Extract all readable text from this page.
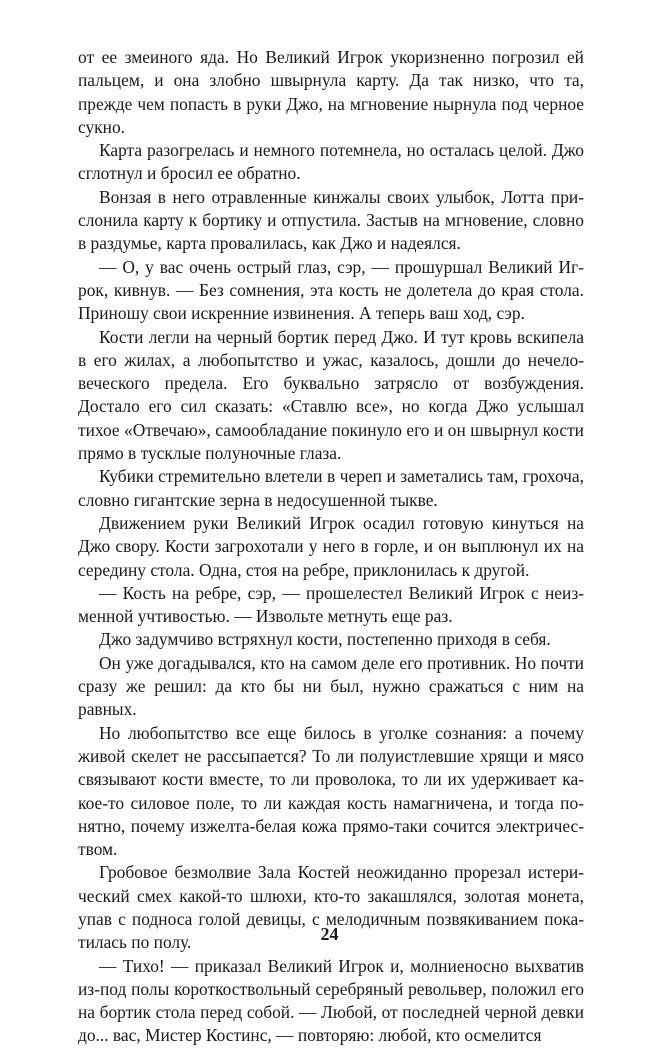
от ее змеиного яда. Но Великий Игрок укоризненно погрозил ей пальцем, и она злобно швырнула карту. Да так низко, что та, прежде чем попасть в руки Джо, на мгновение нырнула под черное сукно.

Карта разогрелась и немного потемнела, но осталась целой. Джо сглотнул и бросил ее обратно.

Вонзая в него отравленные кинжалы своих улыбок, Лотта прислонила карту к бортику и отпустила. Застыв на мгновение, словно в раздумье, карта провалилась, как Джо и надеялся.

— О, у вас очень острый глаз, сэр, — прошуршал Великий Игрок, кивнув. — Без сомнения, эта кость не долетела до края стола. Приношу свои искренние извинения. А теперь ваш ход, сэр.

Кости легли на черный бортик перед Джо. И тут кровь вскипела в его жилах, а любопытство и ужас, казалось, дошли до нечеловеческого предела. Его буквально затрясло от возбуждения. Достало его сил сказать: «Ставлю все», но когда Джо услышал тихое «Отвечаю», самообладание покинуло его и он швырнул кости прямо в тусклые полуночные глаза.

Кубики стремительно влетели в череп и заметались там, грохоча, словно гигантские зерна в недосушенной тыкве.

Движением руки Великий Игрок осадил готовую кинуться на Джо свору. Кости загрохотали у него в горле, и он выплюнул их на середину стола. Одна, стоя на ребре, приклонилась к другой.

— Кость на ребре, сэр, — прошелестел Великий Игрок с неизменной учтивостью. — Извольте метнуть еще раз.

Джо задумчиво встряхнул кости, постепенно приходя в себя.

Он уже догадывался, кто на самом деле его противник. Но почти сразу же решил: да кто бы ни был, нужно сражаться с ним на равных.

Но любопытство все еще билось в уголке сознания: а почему живой скелет не рассыпается? То ли полуистлевшие хрящи и мясо связывают кости вместе, то ли проволока, то ли их удерживает какое-то силовое поле, то ли каждая кость намагничена, и тогда понятно, почему изжелта-белая кожа прямо-таки сочится электричеством.

Гробовое безмолвие Зала Костей неожиданно прорезал истерический смех какой-то шлюхи, кто-то закашлялся, золотая монета, упав с подноса голой девицы, с мелодичным позвякиванием покатилась по полу.

— Тихо! — приказал Великий Игрок и, молниеносно выхватив из-под полы короткоствольный серебряный револьвер, положил его на бортик стола перед собой. — Любой, от последней черной девки до... вас, Мистер Костинс, — повторяю: любой, кто осмелится

24
